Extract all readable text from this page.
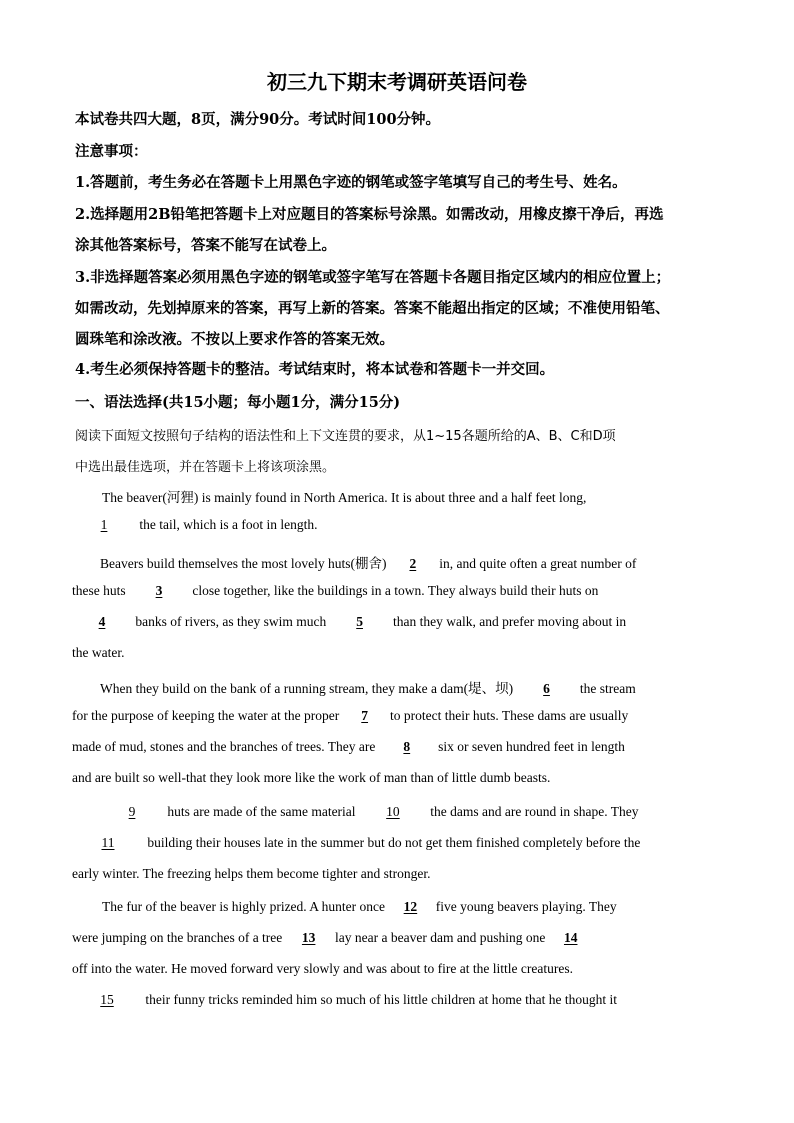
初三九下期末考调研英语问卷
本试卷共四大题，8页，满分90分。考试时间100分钟。
注意事项：
1.答题前，考生务必在答题卡上用黑色字迹的钢笔或签字笔填写自己的考生号、姓名。
2.选择题用2B铅笔把答题卡上对应题目的答案标号涂黑。如需改动，用橡皮擦干净后，再选
涂其他答案标号，答案不能写在试卷上。
3.非选择题答案必须用黑色字迹的钢笔或签字笔写在答题卡各题目指定区域内的相应位置上；
如需改动，先划掉原来的答案，再写上新的答案。答案不能超出指定的区域；不准使用铅笔、
圆珠笔和涂改液。不按以上要求作答的答案无效。
4.考生必须保持答题卡的整洁。考试结束时，将本试卷和答题卡一并交回。
一、语法选择(共15小题；每小题1分，满分15分)
阅读下面短文按照句子结构的语法性和上下文连贯的要求，从1~15各题所给的A、B、C和D项
中选出最佳选项，并在答题卡上将该项涂黑。
The beaver(河狸) is mainly found in North America. It is about three and a half feet long,
1 the tail, which is a foot in length.
Beavers build themselves the most lovely huts(棚舍) 2 in, and quite often a great number of
these huts 3 close together, like the buildings in a town. They always build their huts on
4 banks of rivers, as they swim much 5 than they walk, and prefer moving about in
the water.
When they build on the bank of a running stream, they make a dam(堤、坝) 6 the stream
for the purpose of keeping the water at the proper 7 to protect their huts. These dams are usually
made of mud, stones and the branches of trees. They are 8 six or seven hundred feet in length
and are built so well-that they look more like the work of man than of little dumb beasts.
9 huts are made of the same material 10 the dams and are round in shape. They
11 building their houses late in the summer but do not get them finished completely before the
early winter. The freezing helps them become tighter and stronger.
The fur of the beaver is highly prized. A hunter once 12 five young beavers playing. They
were jumping on the branches of a tree 13 lay near a beaver dam and pushing one 14
off into the water. He moved forward very slowly and was about to fire at the little creatures.
15 their funny tricks reminded him so much of his little children at home that he thought it
